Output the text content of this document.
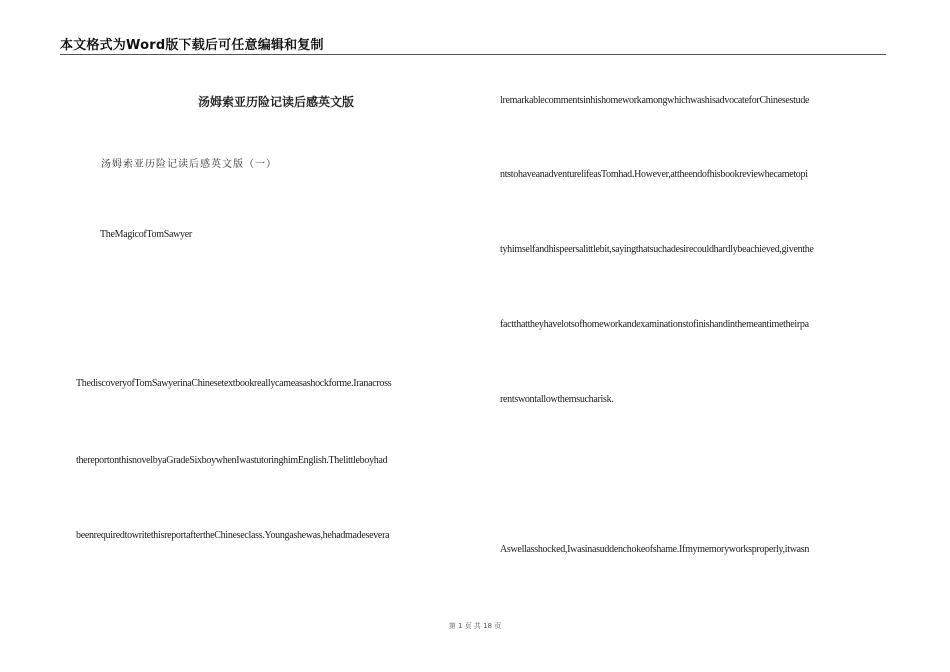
本文格式为Word版下载后可任意编辑和复制
汤姆索亚历险记读后感英文版
汤姆索亚历险记读后感英文版（一）
TheMagicofTomSawyer
ThediscoveryofTomSawyerinaChinesetextbookreallycameasashockforme.Iranacross
thereportonthisnovelbyaGradeSixboywhenIwastutoringhimEnglish.Thelittleboyhad
beenrequiredtowritethisreportaftertheChineseclass.Youngashewas,hehadmadesevera
lremarkablecommentsinhishomeworkamongwhichwashisadvocateforChinesestude
ntstohaveanadventurelifeasTomhad.However,attheendofhisbookreviewhecametopi
tyhimselfandhispeersalittlebit,sayingthatsuchadesirecouldhardlybeachieved,giventhe
factthattheyhavelotsofhomeworkandexaminationstofinishandinthemeantimetheirpa
rentswontallowthemsucharisk.
Aswellasshocked,Iwasinasuddenchokeofshame.Ifmymemoryworksproperly,itwasn
第 1 页 共 18 页
